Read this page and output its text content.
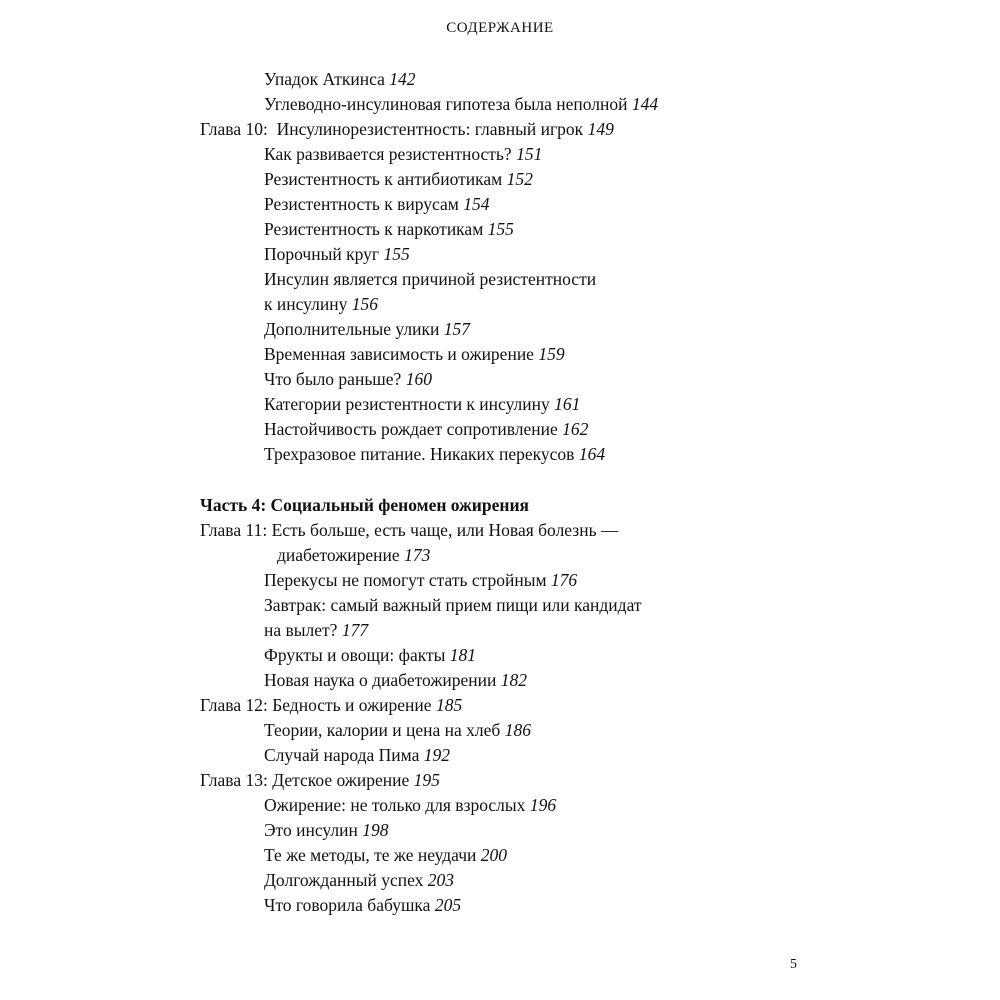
СОДЕРЖАНИЕ
Упадок Аткинса 142
Углеводно-инсулиновая гипотеза была неполной 144
Глава 10: Инсулинорезистентность: главный игрок 149
Как развивается резистентность? 151
Резистентность к антибиотикам 152
Резистентность к вирусам 154
Резистентность к наркотикам 155
Порочный круг 155
Инсулин является причиной резистентности
к инсулину 156
Дополнительные улики 157
Временная зависимость и ожирение 159
Что было раньше? 160
Категории резистентности к инсулину 161
Настойчивость рождает сопротивление 162
Трехразовое питание. Никаких перекусов 164
Часть 4: Социальный феномен ожирения
Глава 11: Есть больше, есть чаще, или Новая болезнь —
диабетожирение 173
Перекусы не помогут стать стройным 176
Завтрак: самый важный прием пищи или кандидат
на вылет? 177
Фрукты и овощи: факты 181
Новая наука о диабетожирении 182
Глава 12: Бедность и ожирение 185
Теории, калории и цена на хлеб 186
Случай народа Пима 192
Глава 13: Детское ожирение 195
Ожирение: не только для взрослых 196
Это инсулин 198
Те же методы, те же неудачи 200
Долгожданный успех 203
Что говорила бабушка 205
5
